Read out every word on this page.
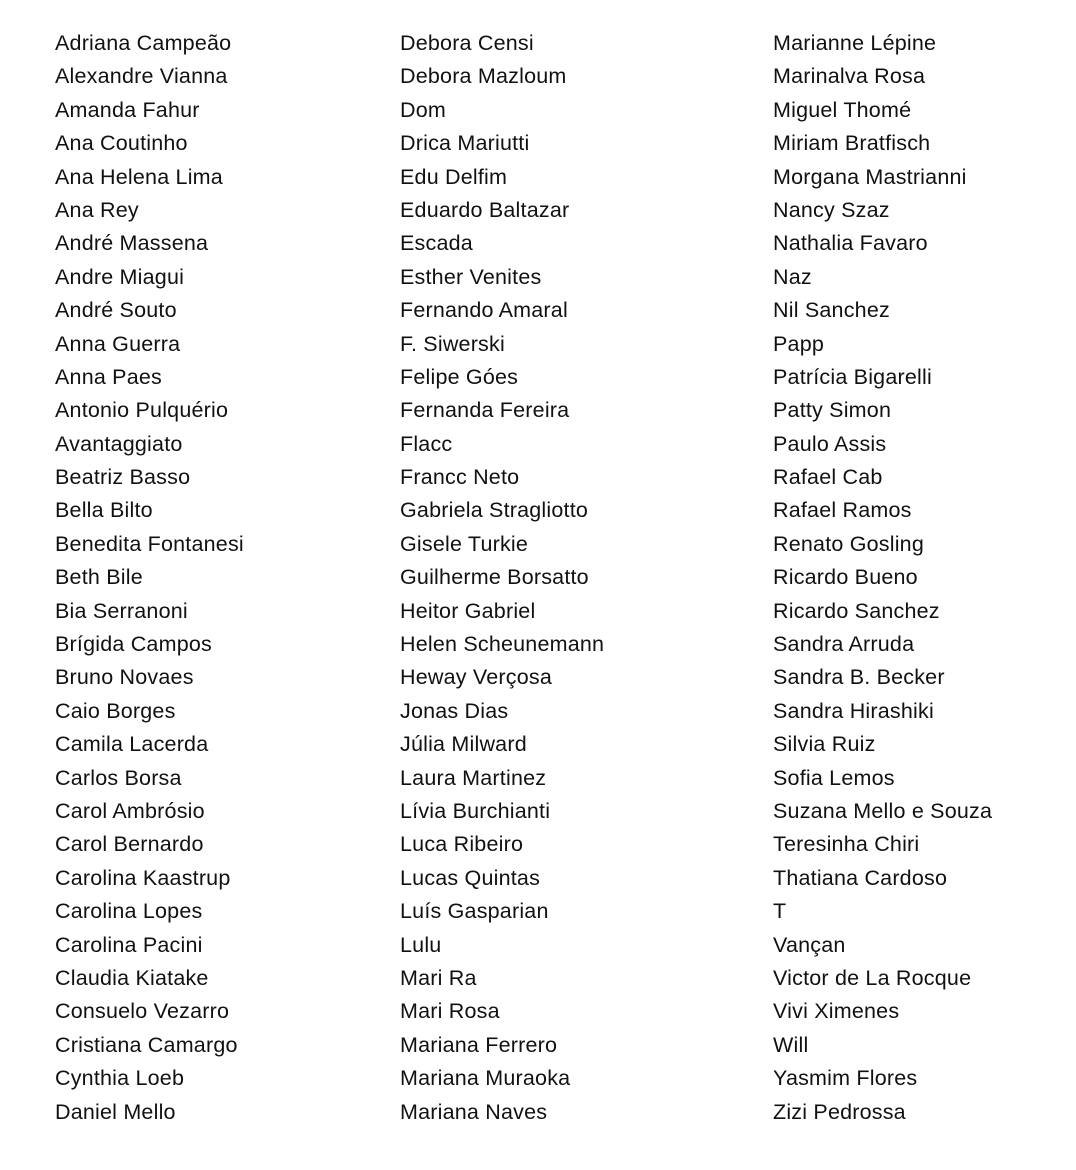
Adriana Campeão
Alexandre Vianna
Amanda Fahur
Ana Coutinho
Ana Helena Lima
Ana Rey
André Massena
Andre Miagui
André Souto
Anna Guerra
Anna Paes
Antonio Pulquério
Avantaggiato
Beatriz Basso
Bella Bilto
Benedita Fontanesi
Beth Bile
Bia Serranoni
Brígida Campos
Bruno Novaes
Caio Borges
Camila Lacerda
Carlos Borsa
Carol Ambrósio
Carol Bernardo
Carolina Kaastrup
Carolina Lopes
Carolina Pacini
Claudia Kiatake
Consuelo Vezarro
Cristiana Camargo
Cynthia Loeb
Daniel Mello
Debora Censi
Debora Mazloum
Dom
Drica Mariutti
Edu Delfim
Eduardo Baltazar
Escada
Esther Venites
Fernando Amaral
F. Siwerski
Felipe Góes
Fernanda Fereira
Flacc
Francc Neto
Gabriela Stragliotto
Gisele Turkie
Guilherme Borsatto
Heitor Gabriel
Helen Scheunemann
Heway Verçosa
Jonas Dias
Júlia Milward
Laura Martinez
Lívia Burchianti
Luca Ribeiro
Lucas Quintas
Luís Gasparian
Lulu
Mari Ra
Mari Rosa
Mariana Ferrero
Mariana Muraoka
Mariana Naves
Marianne Lépine
Marinalva Rosa
Miguel Thomé
Miriam Bratfisch
Morgana Mastrianni
Nancy Szaz
Nathalia Favaro
Naz
Nil Sanchez
Papp
Patrícia Bigarelli
Patty Simon
Paulo Assis
Rafael Cab
Rafael Ramos
Renato Gosling
Ricardo Bueno
Ricardo Sanchez
Sandra Arruda
Sandra B. Becker
Sandra Hirashiki
Silvia Ruiz
Sofia Lemos
Suzana Mello e Souza
Teresinha Chiri
Thatiana Cardoso
T
Vançan
Victor de La Rocque
Vivi Ximenes
Will
Yasmim Flores
Zizi Pedrossa
